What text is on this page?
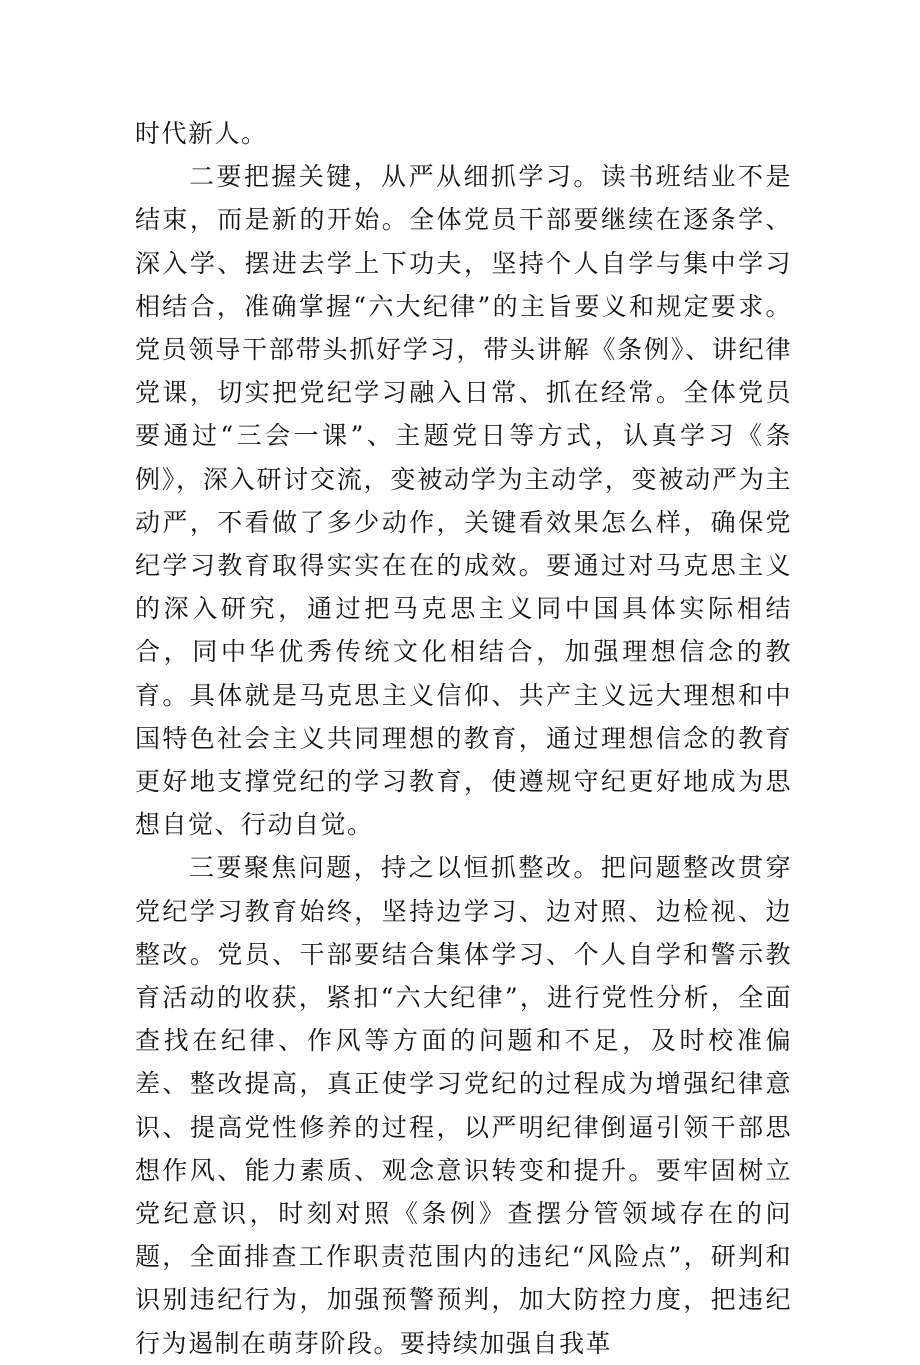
时代新人。

二要把握关键，从严从细抓学习。读书班结业不是结束，而是新的开始。全体党员干部要继续在逐条学、深入学、摆进去学上下功夫，坚持个人自学与集中学习相结合，准确掌握“六大纪律”的主旨要义和规定要求。党员领导干部带头抓好学习，带头讲解《条例》、讲纪律党课，切实把党纪学习融入日常、抓在经常。全体党员要通过“三会一课”、主题党日等方式，认真学习《条例》，深入研讨交流，变被动学为主动学，变被动严为主动严，不看做了多少动作，关键看效果怎么样，确保党纪学习教育取得实实在在的成效。要通过对马克思主义的深入研究，通过把马克思主义同中国具体实际相结合，同中华优秀传统文化相结合，加强理想信念的教育。具体就是马克思主义信仰、共产主义远大理想和中国特色社会主义共同理想的教育，通过理想信念的教育更好地支撑党纪的学习教育，使遵规守纪更好地成为思想自觉、行动自觉。

三要聚焦问题，持之以恒抓整改。把问题整改贯穿党纪学习教育始终，坚持边学习、边对照、边检视、边整改。党员、干部要结合集体学习、个人自学和警示教育活动的收获，紧扣“六大纪律”，进行党性分析，全面查找在纪律、作风等方面的问题和不足，及时校准偏差、整改提高，真正使学习党纪的过程成为增强纪律意识、提高党性修养的过程，以严明纪律倒逼引领干部思想作风、能力素质、观念意识转变和提升。要牢固树立党纪意识，时刻对照《条例》查摆分管领域存在的问题，全面排查工作职责范围内的违纪“风险点”，研判和识别违纪行为，加强预警预判，加大防控力度，把违纪行为遏制在萌芽阶段。要持续加强自我革
